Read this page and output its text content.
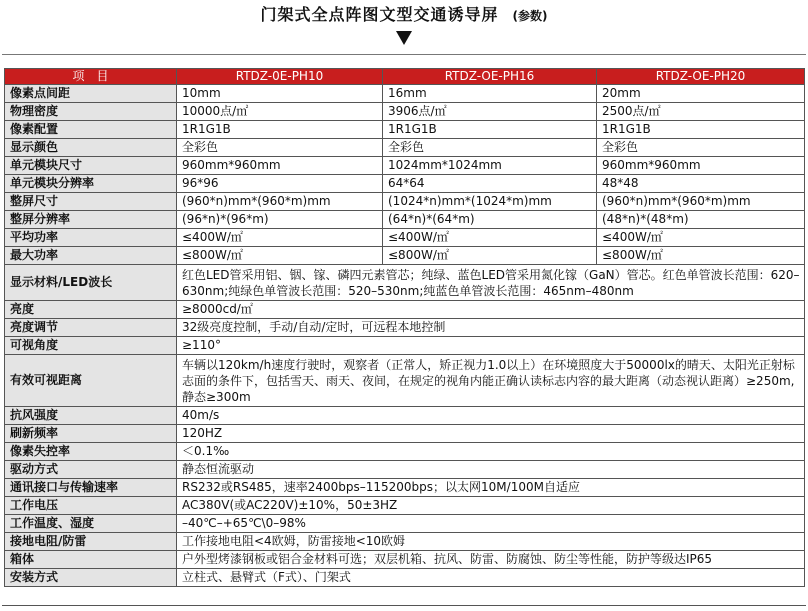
门架式全点阵图文型交通诱导屏 (参数)
项　目	RTDZ-0E-PH10	RTDZ-OE-PH16	RTDZ-OE-PH20
像素点间距	10mm	16mm	20mm
物理密度	10000点/㎡	3906点/㎡	2500点/㎡
像素配置	1R1G1B	1R1G1B	1R1G1B
显示颜色	全彩色	全彩色	全彩色
单元模块尺寸	960mm*960mm	1024mm*1024mm	960mm*960mm
单元模块分辨率	96*96	64*64	48*48
整屏尺寸	(960*n)mm*(960*m)mm	(1024*n)mm*(1024*m)mm	(960*n)mm*(960*m)mm
整屏分辨率	(96*n)*(96*m)	(64*n)*(64*m)	(48*n)*(48*m)
平均功率	≤400W/㎡	≤400W/㎡	≤400W/㎡
最大功率	≤800W/㎡	≤800W/㎡	≤800W/㎡
显示材料/LED波长	红色LED管采用铝、铟、镓、磷四元素管芯；纯绿、蓝色LED管采用氮化镓（GaN）管芯。红色单管波长范围：620–630nm;纯绿色单管波长范围：520–530nm;纯蓝色单管波长范围：465nm–480nm		
亮度	≥8000cd/㎡		
亮度调节	32级亮度控制，手动/自动/定时，可远程本地控制		
可视角度	≥110°		
有效可视距离	车辆以120km/h速度行驶时，观察者（正常人，矫正视力1.0以上）在环境照度大于50000lx的晴天、太阳光正射标志面的条件下，包括雪天、雨天、夜间，在规定的视角内能正确认读标志内容的最大距离（动态视认距离）≥250m,静态≥300m		
抗风强度	40m/s		
刷新频率	120HZ		
像素失控率	＜0.1‰		
驱动方式	静态恒流驱动		
通讯接口与传输速率	RS232或RS485，速率2400bps–115200bps；以太网10M/100M自适应		
工作电压	AC380V(或AC220V)±10%，50±3HZ		
工作温度、湿度	–40℃–+65℃\0–98%		
接地电阻/防雷	工作接地电阻<4欧姆，防雷接地<10欧姆		
箱体	户外型烤漆钢板或铝合金材料可选；双层机箱、抗风、防雷、防腐蚀、防尘等性能，防护等级达IP65		
安装方式	立柱式、悬臂式（F式）、门架式		
